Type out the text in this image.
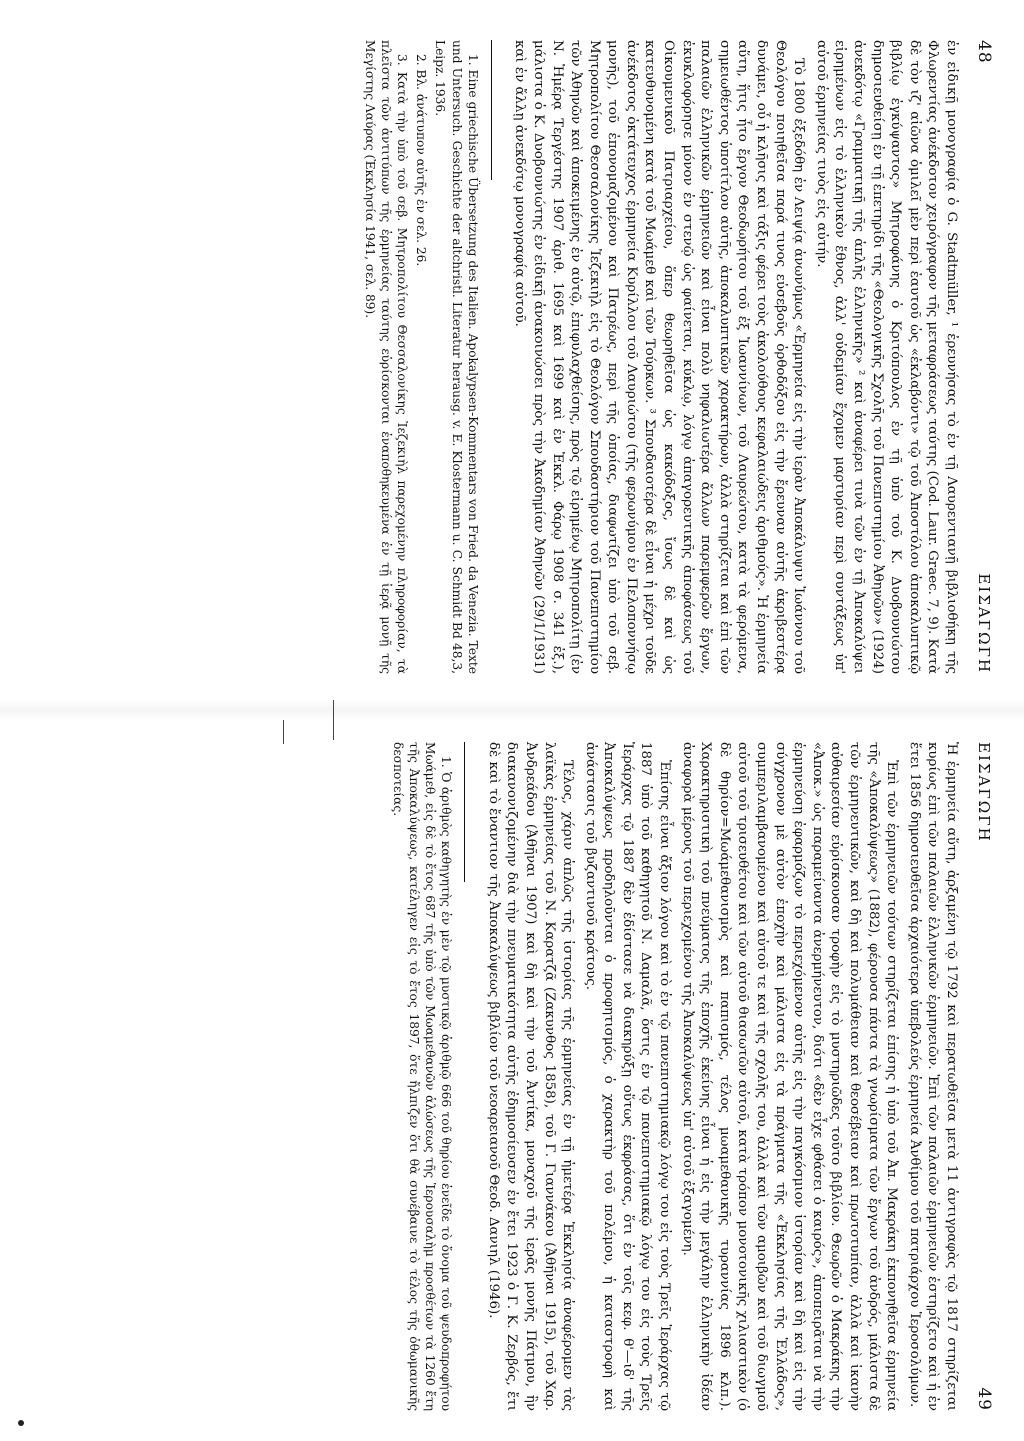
48
ΕΙΣΑΓΩΓΗ

ἐν εἰδικῇ μονογραφίᾳ ὁ G. Stadtmüller, ¹ ἐρευνήσας τὸ ἐν τῇ Λαυρεντιανῇ βιβλιοθήκῃ τῆς Φλωρεντίας ἀνέκδοτον χειρόγραφον τῆς μεταφράσεως ταύτης (Cod. Laur. Graec. 7, 9). Κατὰ δὲ τὸν ιζ' αἰῶνα ὁμιλεῖ μὲν περὶ ἑαυτοῦ ὡς «ἐκλαβόντι» τῷ τοῦ Ἀποστόλου ἀποκαλυπτικῷ βιβλίῳ ἐγκύψαντος» Μητροφάνης ὁ Κριτόπουλος ἐν τῇ ὑπὸ τοῦ Κ. Δυοβουνιώτου δημοσιευθείσῃ ἐν τῇ ἐπετηρίδι τῆς «Θεολογικῆς Σχολῆς τοῦ Πανεπιστημίου Ἀθηνῶν» (1924) ἀνεκδότῳ «Γραμματικῇ τῆς ἁπλῆς ἑλληνικῆς» ² καὶ ἀναφέρει τινὰ τῶν ἐν τῇ Ἀποκαλύψει εἰρημένων εἰς τὸ ἑλληνικὸν ἔθνος, ἀλλ' οὐδεμίαν ἔχομεν μαρτυρίαν περὶ συντάξεως ὑπ' αὐτοῦ ἑρμηνείας τινὸς εἰς αὐτήν.

Τὸ 1800 ἐξεδόθη ἐν Λειψίᾳ ἀνωνύμως «Ἑρμηνεία εἰς τὴν ἱερὰν Ἀποκάλυψιν Ἰωάννου τοῦ Θεολόγου ποιηθεῖσα παρά τινος εὐσεβοῦς ὀρθοδόξου εἰς τὴν ἔρευναν αὐτῆς ἀκριβεστέρᾳ δυνάμει, οὗ ἡ κλῆσις καὶ τάξις φέρει τοὺς ἀκολούθους κεφαλαιώδεις ἀριθμούς». Ἡ ἑρμηνεία αὕτη, ἥτις ἦτο ἔργον Θεοδωρήτου τοῦ ἐξ Ἰωαννίνων, τοῦ Λαυρεώτου, κατὰ τὰ φερόμενα, σημειωθέντος ὑποτίτλου αὐτῆς, ἀποκαλυπτικῶν χαρακτήρων, ἀλλὰ στηρίζεται καὶ ἐπὶ τῶν παλαιῶν ἑλληνικῶν ἑρμηνειῶν καὶ εἶναι πολὺ νηφαλιωτέρα ἄλλων παρεμφερῶν ἔργων, ἐκυκλοφόρησε μόνον ἐν στενῷ ὡς φαίνεται, κύκλῳ, λόγῳ ἀπαγορευτικῆς ἀποφάσεως τοῦ Οἰκουμενικοῦ Πατριαρχείου, ὅπερ θεωρηθεῖσα ὡς κακόδοξος, ἴσως δὲ καὶ ὡς κατευθυνομένη κατὰ τοῦ Μωάμεθ καὶ τῶν Τούρκων. ³ Σπουδαιοτέρα δὲ εἶναι ἡ μέχρι τοῦδε ἀνέκδοτος ὀκτάτευχος ἑρμηνεία Κυρίλλου τοῦ Λαυριώτου (τῆς φερωνύμου ἐν Πελοποννήσῳ μονῆς), τοῦ ἐπονομαζομένου καὶ Πατρέως, περὶ τῆς ὁποίας, διαφωτίζει ὑπὸ τοῦ σεβ. Μητροπολίτου Θεσσαλονίκης Ἰεζεκιὴλ εἰς τὸ Θεολόγον Σπουδαστήριον τοῦ Πανεπιστημίου τῶν Ἀθηνῶν καὶ ἀποκειμένης ἐν αὐτῷ, ἐπιφυλαχθείσης, πρὸς τῷ εἰρημένῳ Μητροπολίτῃ (ἐν Ν. Ἡμέρᾳ Τεργέστης 1907 ἀριθ. 1695 καὶ 1699 καὶ ἐν Ἐκκλ. Φάρῳ 1908 σ. 341 ἑξ.), μάλιστα ὁ Κ. Δυοβουνιώτης ἐν εἰδικῇ ἀνακοινώσει πρὸς τὴν Ἀκαδημίαν Ἀθηνῶν (29/1/1931) καὶ ἐν ἄλλῃ ἀνεκδότῳ μονογραφίᾳ αὐτοῦ.

1. Eine griechische Übersetzung des Italien. Apokalypsen-Kommentars von Fried. da Venezia. Texte und Untersuch. Geschichte der altchristl. Literatur herausg. v. E. Klostermann u. C. Schmidt Bd 48,3, Leipz. 1936.

2. Βλ. ἀνάτυπον αὐτῆς ἐν σελ. 26.

3. Κατὰ τὴν ὑπὸ τοῦ σεβ. Μητροπολίτου Θεσσαλονίκης Ἰεζεκιὴλ παρεχομένην πληροφορίαν, τὰ πλεῖστα τῶν ἀντιτύπων τῆς ἑρμηνείας ταύτης εὑρίσκονται ἐναποθηκευμένα ἐν τῇ ἱερᾷ μονῇ τῆς Μεγίστης Λαύρας (Ἐκκλησία 1941, σελ. 89).

ΕΙΣΑΓΩΓΗ
49

Ἡ ἑρμηνεία αὕτη, ἀρξαμένη τῷ 1792 καὶ περατωθεῖσα μετὰ 11 ἀντιγραφὰς τῷ 1817 στηρίζεται κυρίως ἐπὶ τῶν παλαιῶν ἑλληνικῶν ἑρμηνειῶν. Ἐπὶ τῶν παλαιῶν ἑρμηνειῶν ἐστηρίζετο καὶ ἡ ἐν ἔτει 1856 δημοσιευθεῖσα ἀρχαιότερα ὑπεβολεύς ἑρμηνεία Ἀνθίμου τοῦ πατριάρχου Ἱεροσολύμων.

Ἐπὶ τῶν ἑρμηνειῶν τούτων στηρίζεται ἐπίσης ἡ ὑπὸ τοῦ Ἀπ. Μακράκη ἐκπονηθεῖσα ἑρμηνεία τῆς «Ἀποκαλύψεως» (1882), φέρουσα πάντα τὰ γνωρίσματα τῶν ἔργων τοῦ ἀνδρός, μάλιστα δὲ τῶν ἑρμηνευτικῶν, καὶ δὴ καὶ πολυμάθειαν καὶ θεοσέβειαν καὶ πρωτοτυπίαν, ἀλλὰ καὶ ἱκανὴν αὐθαιρεσίαν εὑρίσκουσαν τροφὴν εἰς τὸ μυστηριῶδες τοῦτο βιβλίον. Θεωρῶν ὁ Μακράκης τὴν «Ἀποκ.» ὡς παραμείναντα ἀνερμήνευτον, διότι «δὲν εἶχε φθάσει ὁ καιρός», ἀποπειρᾶται νὰ τὴν ἑρμηνεύσῃ ἐφαρμόζων τὸ περιεχόμενον αὐτῆς εἰς τὴν παγκόσμιον ἱστορίαν καὶ δὴ καὶ εἰς τὴν σύγχρονον μὲ αὐτὸν ἐποχὴν καὶ μάλιστα εἰς τὰ πράγματα τῆς «Ἐκκλησίας τῆς Ἑλλάδος», συμπεριλαμβανομένου καὶ αὐτοῦ τε καὶ τῆς σχολῆς του, ἀλλὰ καὶ τῶν αμοιβῶν καὶ τοῦ διωγμοῦ αὐτοῦ τοῦ τρισευθέτου καὶ τῶν αὐτοῦ θιασωτῶν αὐτοῦ, κατὰ τρόπον μονοτονικῆς χιλιαστικὸν (ὁ δὲ θηρίον=Μωάμεθανισμὸς καὶ παπισμός, τέλος μωαμεθανικῆς τυραννίας 1896 κλπ.). Χαρακτηριστικὴ τοῦ πνεύματος τῆς ἐποχῆς ἐκείνης εἶναι ἡ εἰς τὴν μεγάλην ἑλληνικὴν ἰδέαν ἀναφορὰ μέρους τοῦ περιεχομένου τῆς Ἀποκαλύψεως ὑπ' αὐτοῦ ἐξαγομένη.

Ἑπίσης εἶναι ἄξιον λόγου καὶ τὸ ἐν τῷ πανεπιστημιακῷ λόγῳ του εἰς τοὺς Τρεῖς Ἱεράρχας τῷ 1887 ὑπὸ τοῦ καθηγητοῦ Ν. Δαμαλᾶ, ὅστις ἐν τῷ πανεπιστημιακῷ λόγῳ του εἰς τοὺς Τρεῖς Ἱεράρχας τῷ 1887 δὲν ἐδίστασε νὰ διακηρύξῃ οὕτως ἐκφράσας, ὅτι ἐν τοῖς κεφ. θ'—ιδ' τῆς Ἀποκαλύψεως προδηλοῦνται ὁ προφητισμός, ὁ χαρακτὴρ τοῦ πολέμου, ἡ καταστροφὴ καὶ ἀνάστασις τοῦ βυζαντινοῦ κράτους.

Τέλος, χάριν ἁπλῶς τῆς ἱστορίας τῆς ἑρμηνείας ἐν τῇ ἡμετέρᾳ Ἐκκλησίᾳ ἀναφέρομεν τὰς λαϊκὰς ἑρμηνείας τοῦ Ν. Καρατζᾶ (Ζακυνθος 1858), τοῦ Γ. Γιαννάκου (Ἀθῆναι 1915), τοῦ Χαρ. Ἀνδρεάδου (Ἀθῆναι 1907) καὶ δὴ καὶ τὴν τοῦ Ἀντίκα, μοναχοῦ τῆς ἱερᾶς μονῆς Πάτμου, ἣν διακανονιζομένην διὰ τὴν πνευματικότητα αὐτῆς ἐδημοσίευσεν ἐν ἔτει 1923 ὁ Γ. Κ. Ζερβός, ἔτι δὲ καὶ τὸ ἔναντιον τῆς Ἀποκαλύψεως βιβλίον τοῦ νεοαρειανοῦ Θεοδ. Δανιηλ (1946).

1. Ὁ ἀριθμὸς καθηγητὴς ἐν μὲν τῷ μυστικῷ ἀριθμῷ 666 τοῦ θηρίου ἐνεῖδε τὸ ὄνομα τοῦ ψευδοπροφήτου Μωάμεθ, εἰς δὲ τὸ ἔτος 687 τῆς ὑπὸ τῶν Μωαμεθανῶν ἁλώσεως τῆς Ἱερουσαλὴμ προσθέτων τὰ 1260 ἔτη τῆς Ἀποκαλύψεως, κατέληγεν εἰς τὸ ἔτος 1897, ὅτε ἤλπιζεν ὅτι θὰ συνέβαινε τὸ τέλος τῆς ὀθωμανικῆς δεσποτείας.
